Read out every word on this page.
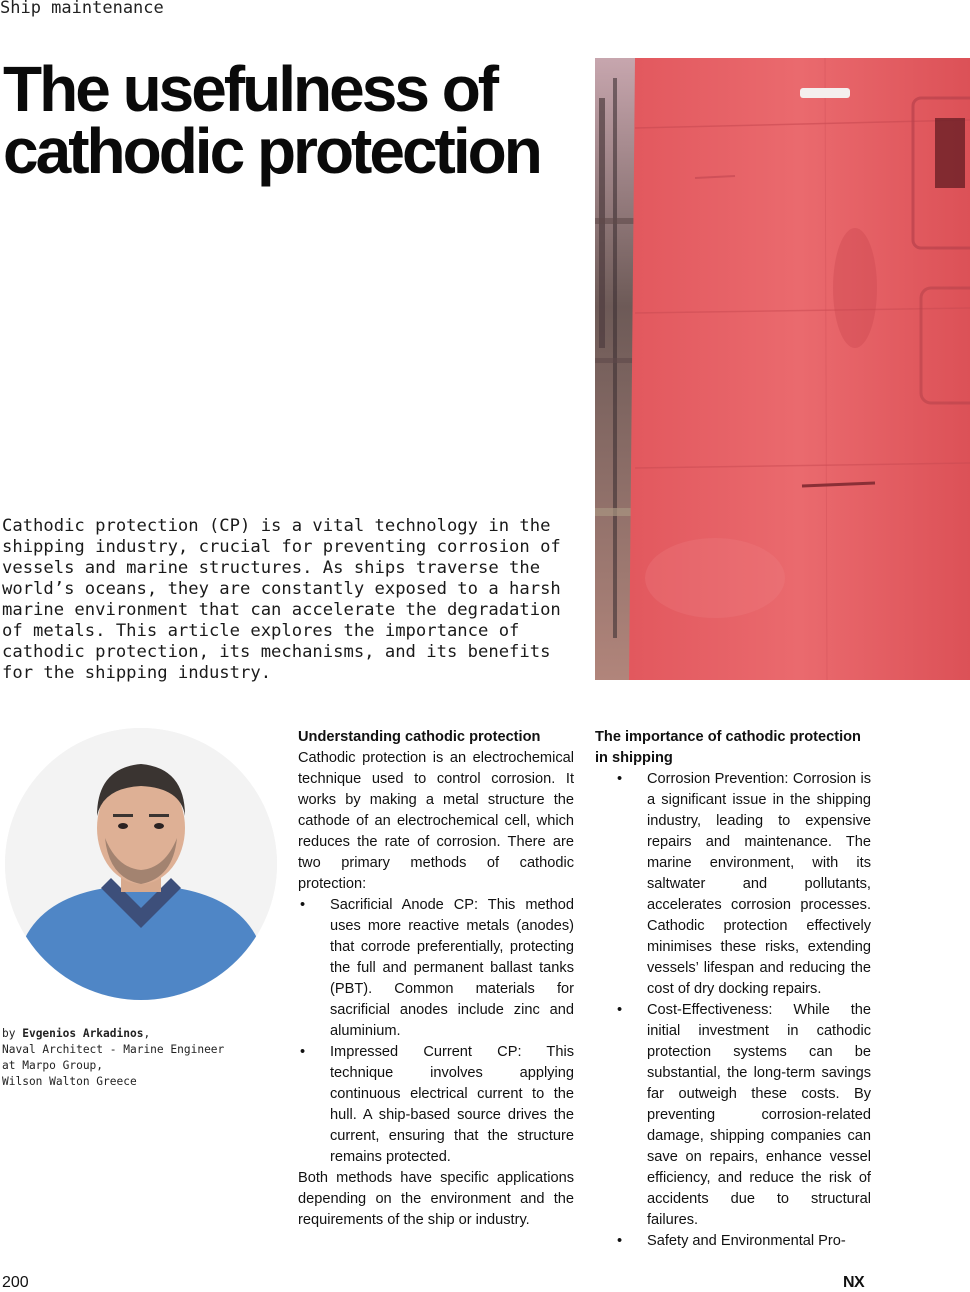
Ship maintenance
The usefulness of cathodic protection

Cathodic protection (CP) is a vital technology in the shipping industry, crucial for preventing corrosion of vessels and marine structures. As ships traverse the world’s oceans, they are constantly exposed to a harsh marine environment that can accelerate the degradation of metals. This article explores the importance of cathodic protection, its mechanisms, and its benefits for the shipping industry.

by Evgenios Arkadinos,
Naval Architect - Marine Engineer
at Marpo Group,
Wilson Walton Greece
Understanding cathodic protection

Cathodic protection is an electrochemical technique used to control corrosion. It works by making a metal structure the cathode of an electrochemical cell, which reduces the rate of corrosion. There are two primary methods of cathodic protection:

• Sacrificial Anode CP: This method uses more reactive metals (anodes) that corrode preferentially, protecting the full and permanent ballast tanks (PBT). Common materials for sacrificial anodes include zinc and aluminium.
• Impressed Current CP: This technique involves applying continuous electrical current to the hull. A ship-based source drives the current, ensuring that the structure remains protected.

Both methods have specific applications depending on the environment and the requirements of the ship or industry.

The importance of cathodic protection in shipping
• Corrosion Prevention: Corrosion is a significant issue in the shipping industry, leading to expensive repairs and maintenance. The marine environment, with its saltwater and pollutants, accelerates corrosion processes. Cathodic protection effectively minimises these risks, extending vessels’ lifespan and reducing the cost of dry docking repairs.
• Cost-Effectiveness: While the initial investment in cathodic protection systems can be substantial, the long-term savings far outweigh these costs. By preventing corrosion-related damage, shipping companies can save on repairs, enhance vessel efficiency, and reduce the risk of accidents due to structural failures.
• Safety and Environmental Pro-
200	NX
